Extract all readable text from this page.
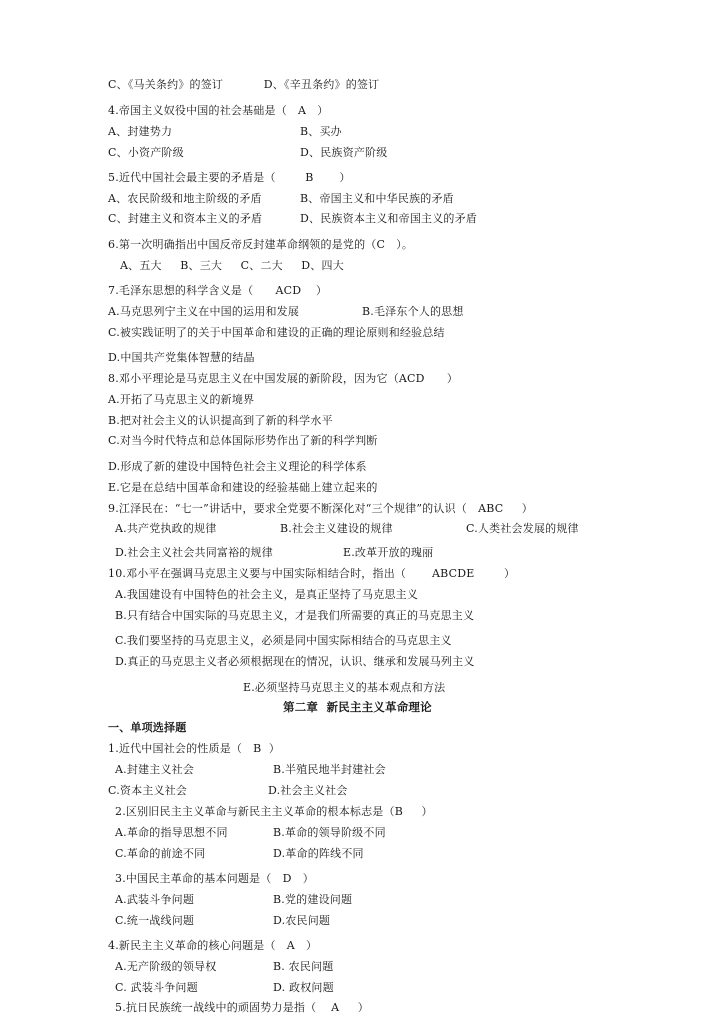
C、《马关条约》的签订           D、《辛丑条约》的签订
4.帝国主义奴役中国的社会基础是（   A   ）
A、封建势力	B、买办
C、小资产阶级	D、民族资产阶级
5.近代中国社会最主要的矛盾是（        B       ）
A、农民阶级和地主阶级的矛盾	B、帝国主义和中华民族的矛盾
C、封建主义和资本主义的矛盾	D、民族资本主义和帝国主义的矛盾
6.第一次明确指出中国反帝反封建革命纲领的是党的（C   ）。
A、五大     B、三大     C、二大     D、四大
7.毛泽东思想的科学含义是（      ACD    ）
A.马克思列宁主义在中国的运用和发展	B.毛泽东个人的思想
C.被实践证明了的关于中国革命和建设的正确的理论原则和经验总结
D.中国共产党集体智慧的结晶
8.邓小平理论是马克思主义在中国发展的新阶段，因为它（ACD      ）
A.开拓了马克思主义的新境界
B.把对社会主义的认识提高到了新的科学水平
C.对当今时代特点和总体国际形势作出了新的科学判断
D.形成了新的建设中国特色社会主义理论的科学体系
E.它是在总结中国革命和建设的经验基础上建立起来的
9.江泽民在：“七一”讲话中，要求全党要不断深化对“三个规律”的认识（   ABC     ）
A.共产党执政的规律	B.社会主义建设的规律	C.人类社会发展的规律
D.社会主义社会共同富裕的规律	E.改革开放的瑰丽
10.邓小平在强调马克思主义要与中国实际相结合时，指出（       ABCDE        ）
A.我国建设有中国特色的社会主义，是真正坚持了马克思主义
B.只有结合中国实际的马克思主义，才是我们所需要的真正的马克思主义
C.我们要坚持的马克思主义，必须是同中国实际相结合的马克思主义
D.真正的马克思主义者必须根据现在的情况，认识、继承和发展马列主义
E.必须坚持马克思主义的基本观点和方法
第二章  新民主主义革命理论
一、单项选择题
1.近代中国社会的性质是（   B  ）
A.封建主义社会	B.半殖民地半封建社会
C.资本主义社会	D.社会主义社会
2.区别旧民主主义革命与新民主主义革命的根本标志是（B     ）
A.革命的指导思想不同	B.革命的领导阶级不同
C.革命的前途不同	D.革命的阵线不同
3.中国民主革命的基本问题是（   D   ）
A.武装斗争问题	B.党的建设问题
C.统一战线问题	D.农民问题
4.新民主主义革命的核心问题是（   A   ）
A.无产阶级的领导权	B. 农民问题
C. 武装斗争问题	D. 政权问题
5.抗日民族统一战线中的顽固势力是指（    A     ）
